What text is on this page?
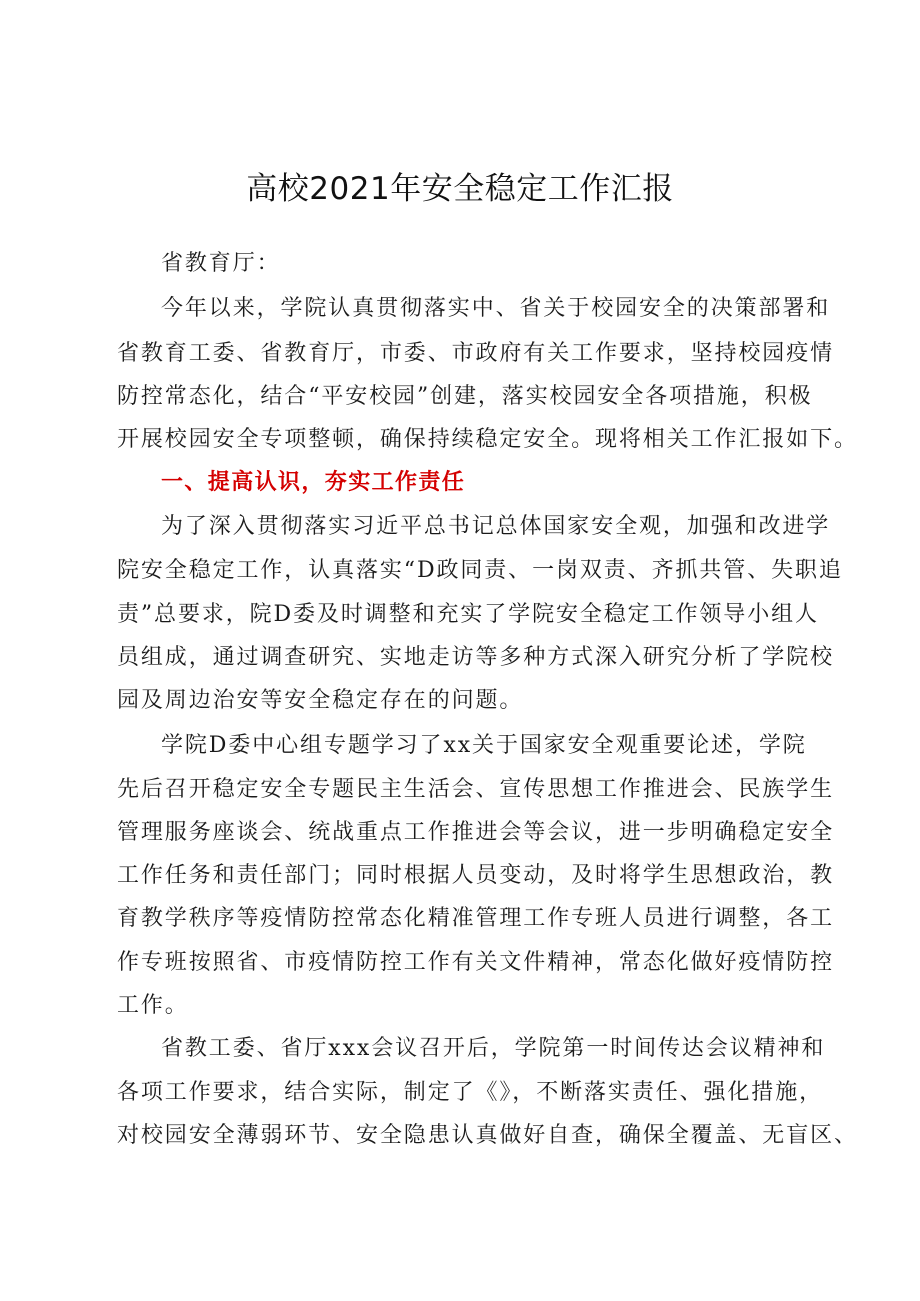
高校2021年安全稳定工作汇报

省教育厅：

今年以来，学院认真贯彻落实中、省关于校园安全的决策部署和

省教育工委、省教育厅，市委、市政府有关工作要求，坚持校园疫情

防控常态化，结合“平安校园”创建，落实校园安全各项措施，积极

开展校园安全专项整顿，确保持续稳定安全。现将相关工作汇报如下。

一、提高认识，夯实工作责任

为了深入贯彻落实习近平总书记总体国家安全观，加强和改进学

院安全稳定工作，认真落实“D政同责、一岗双责、齐抓共管、失职追

责”总要求，院D委及时调整和充实了学院安全稳定工作领导小组人

员组成，通过调查研究、实地走访等多种方式深入研究分析了学院校

园及周边治安等安全稳定存在的问题。

学院D委中心组专题学习了xx关于国家安全观重要论述，学院

先后召开稳定安全专题民主生活会、宣传思想工作推进会、民族学生

管理服务座谈会、统战重点工作推进会等会议，进一步明确稳定安全

工作任务和责任部门；同时根据人员变动，及时将学生思想政治，教

育教学秩序等疫情防控常态化精准管理工作专班人员进行调整，各工

作专班按照省、市疫情防控工作有关文件精神，常态化做好疫情防控

工作。

省教工委、省厅xxx会议召开后，学院第一时间传达会议精神和

各项工作要求，结合实际，制定了《》，不断落实责任、强化措施，

对校园安全薄弱环节、安全隐患认真做好自查，确保全覆盖、无盲区、
